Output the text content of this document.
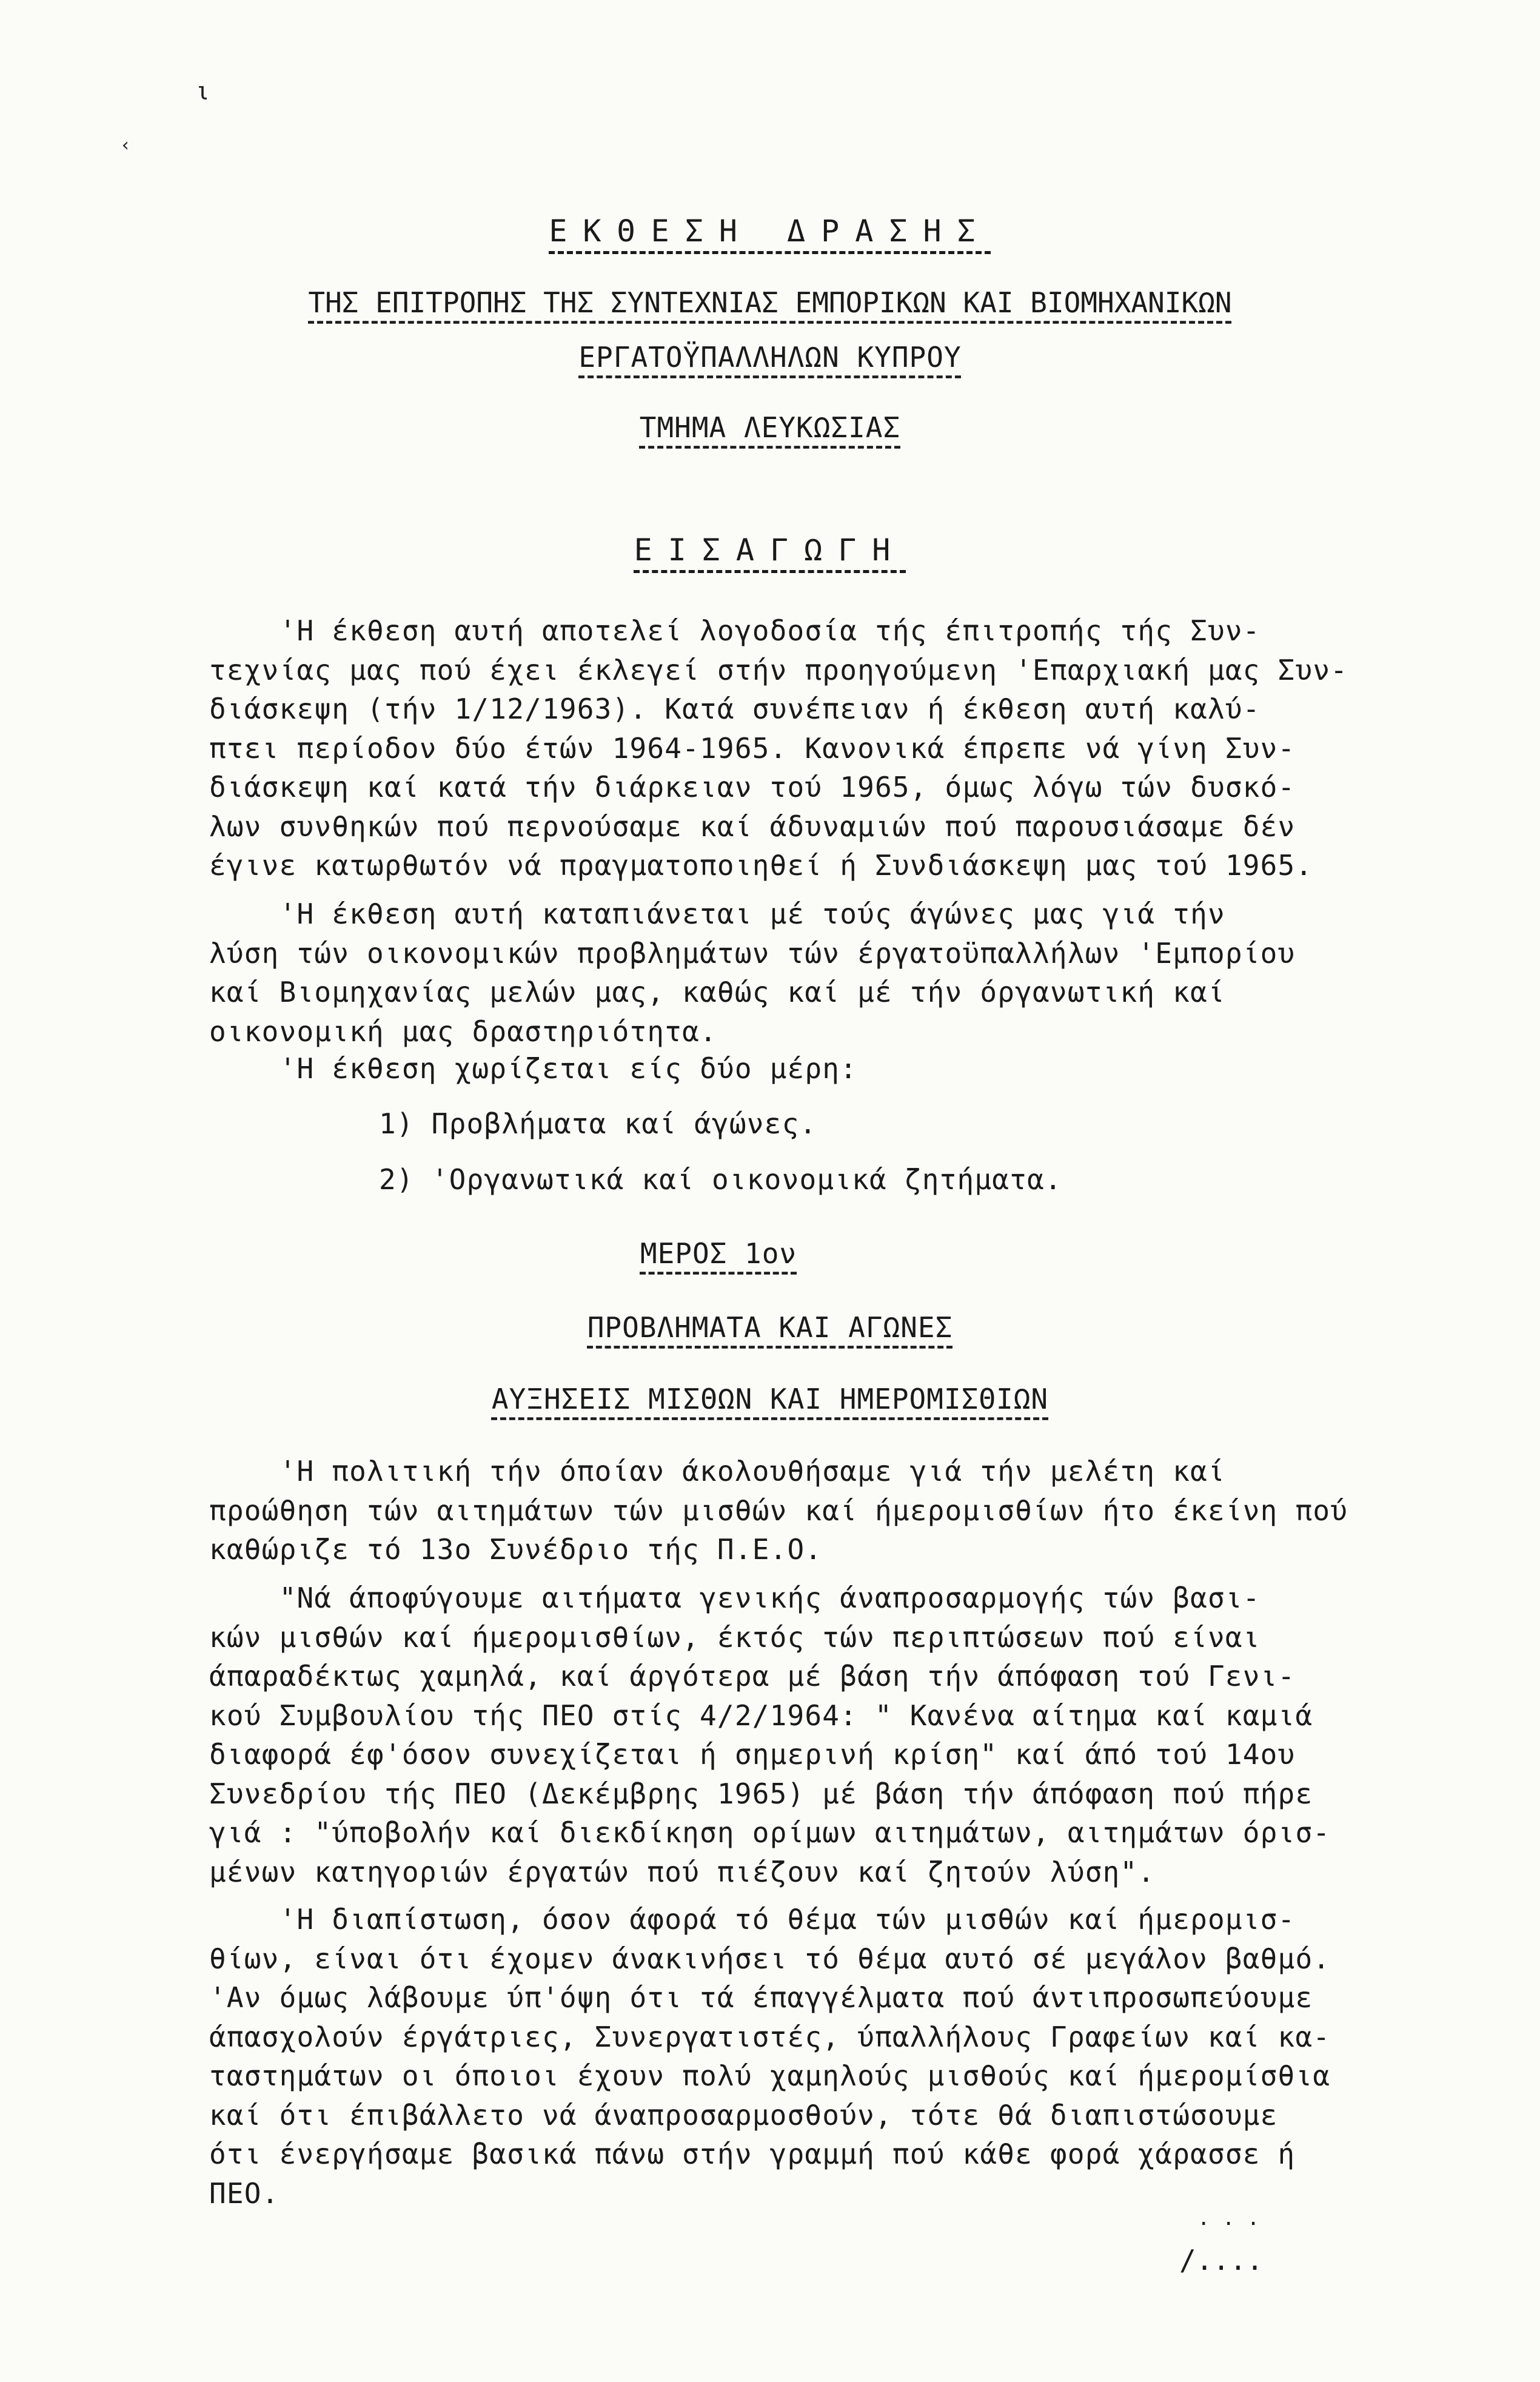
ι
‹
ΕΚΘΕΣΗ ΔΡΑΣΗΣ
ΤΗΣ ΕΠΙΤΡΟΠΗΣ ΤΗΣ ΣΥΝΤΕΧΝΙΑΣ ΕΜΠΟΡΙΚΩΝ ΚΑΙ ΒΙΟΜΗΧΑΝΙΚΩΝ
ΕΡΓΑΤΟΫΠΑΛΛΗΛΩΝ ΚΥΠΡΟΥ
ΤΜΗΜΑ ΛΕΥΚΩΣΙΑΣ
ΕΙΣΑΓΩΓΗ
'Η έκθεση αυτή αποτελεί λογοδοσία τής έπιτροπής τής Συν-
τεχνίας μας πού έχει έκλεγεί στήν προηγούμενη 'Επαρχιακή μας Συν-
διάσκεψη (τήν 1/12/1963). Κατά συνέπειαν ή έκθεση αυτή καλύ-
πτει περίοδον δύο έτών 1964-1965. Κανονικά έπρεπε νά γίνη Συν-
διάσκεψη καί κατά τήν διάρκειαν τού 1965, όμως λόγω τών δυσκό-
λων συνθηκών πού περνούσαμε καί άδυναμιών πού παρουσιάσαμε δέν
έγινε κατωρθωτόν νά πραγματοποιηθεί ή Συνδιάσκεψη μας τού 1965.
'Η έκθεση αυτή καταπιάνεται μέ τούς άγώνες μας γιά τήν
λύση τών οικονομικών προβλημάτων τών έργατοϋπαλλήλων 'Εμπορίου
καί Βιομηχανίας μελών μας, καθώς καί μέ τήν όργανωτική καί
οικονομική μας δραστηριότητα.
'Η έκθεση χωρίζεται είς δύο μέρη:
1) Προβλήματα καί άγώνες.
2) 'Οργανωτικά καί οικονομικά ζητήματα.
ΜΕΡΟΣ 1ον
ΠΡΟΒΛΗΜΑΤΑ ΚΑΙ ΑΓΩΝΕΣ
ΑΥΞΗΣΕΙΣ ΜΙΣΘΩΝ ΚΑΙ ΗΜΕΡΟΜΙΣΘΙΩΝ
'Η πολιτική τήν όποίαν άκολουθήσαμε γιά τήν μελέτη καί
προώθηση τών αιτημάτων τών μισθών καί ήμερομισθίων ήτο έκείνη πού
καθώριζε τό 13ο Συνέδριο τής Π.Ε.Ο.
"Νά άποφύγουμε αιτήματα γενικής άναπροσαρμογής τών βασι-
κών μισθών καί ήμερομισθίων, έκτός τών περιπτώσεων πού είναι
άπαραδέκτως χαμηλά, καί άργότερα μέ βάση τήν άπόφαση τού Γενι-
κού Συμβουλίου τής ΠΕΟ στίς 4/2/1964: " Κανένα αίτημα καί καμιά
διαφορά έφ'όσον συνεχίζεται ή σημερινή κρίση" καί άπό τού 14ου
Συνεδρίου τής ΠΕΟ (Δεκέμβρης 1965) μέ βάση τήν άπόφαση πού πήρε
γιά : "ύποβολήν καί διεκδίκηση ορίμων αιτημάτων, αιτημάτων όρισ-
μένων κατηγοριών έργατών πού πιέζουν καί ζητούν λύση".
'Η διαπίστωση, όσον άφορά τό θέμα τών μισθών καί ήμερομισ-
θίων, είναι ότι έχομεν άνακινήσει τό θέμα αυτό σέ μεγάλον βαθμό.
'Αν όμως λάβουμε ύπ'όψη ότι τά έπαγγέλματα πού άντιπροσωπεύουμε
άπασχολούν έργάτριες, Συνεργατιστές, ύπαλλήλους Γραφείων καί κα-
ταστημάτων οι όποιοι έχουν πολύ χαμηλούς μισθούς καί ήμερομίσθια
καί ότι έπιβάλλετο νά άναπροσαρμοσθούν, τότε θά διαπιστώσουμε
ότι ένεργήσαμε βασικά πάνω στήν γραμμή πού κάθε φορά χάρασσε ή
ΠΕΟ.
. . .
/....
